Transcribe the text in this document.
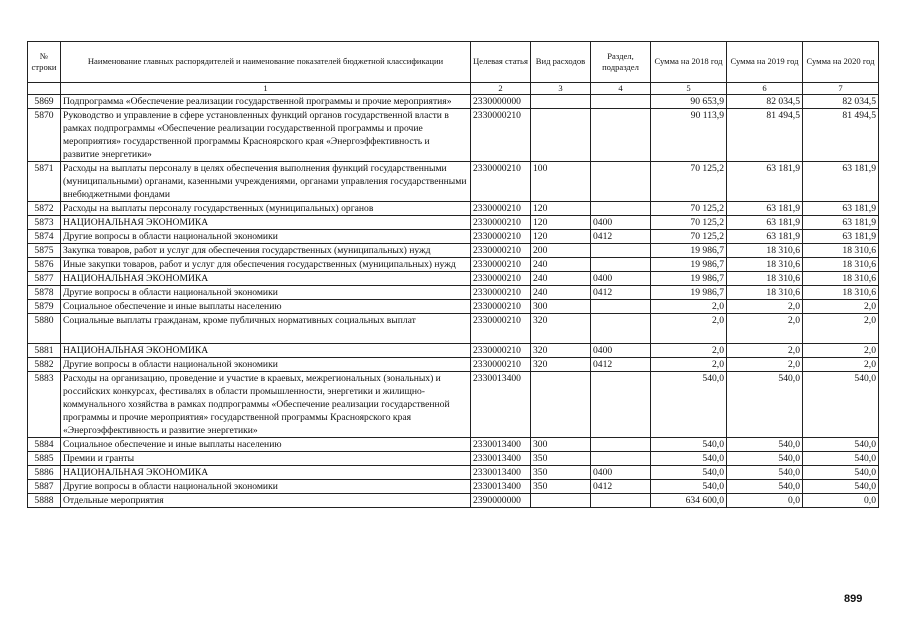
№ строки	Наименование главных распорядителей и наименование показателей бюджетной классификации	Целевая статья	Вид расходов	Раздел, подраздел	Сумма на 2018 год	Сумма на 2019 год	Сумма на 2020 год
	1	2	3	4	5	6	7
5869	Подпрограмма «Обеспечение реализации государственной программы и прочие мероприятия»	2330000000			90 653,9	82 034,5	82 034,5
5870	Руководство и управление в сфере установленных функций органов государственной власти в рамках подпрограммы «Обеспечение реализации государственной программы и прочие мероприятия» государственной программы Красноярского края «Энергоэффективность и развитие энергетики»	2330000210			90 113,9	81 494,5	81 494,5
5871	Расходы на выплаты персоналу в целях обеспечения выполнения функций государственными (муниципальными) органами, казенными учреждениями, органами управления государственными внебюджетными фондами	2330000210	100		70 125,2	63 181,9	63 181,9
5872	Расходы на выплаты персоналу государственных (муниципальных) органов	2330000210	120		70 125,2	63 181,9	63 181,9
5873	НАЦИОНАЛЬНАЯ ЭКОНОМИКА	2330000210	120	0400	70 125,2	63 181,9	63 181,9
5874	Другие вопросы в области национальной экономики	2330000210	120	0412	70 125,2	63 181,9	63 181,9
5875	Закупка товаров, работ и услуг для обеспечения государственных (муниципальных) нужд	2330000210	200		19 986,7	18 310,6	18 310,6
5876	Иные закупки товаров, работ и услуг для обеспечения государственных (муниципальных) нужд	2330000210	240		19 986,7	18 310,6	18 310,6
5877	НАЦИОНАЛЬНАЯ ЭКОНОМИКА	2330000210	240	0400	19 986,7	18 310,6	18 310,6
5878	Другие вопросы в области национальной экономики	2330000210	240	0412	19 986,7	18 310,6	18 310,6
5879	Социальное обеспечение и иные выплаты населению	2330000210	300		2,0	2,0	2,0
5880	Социальные выплаты гражданам, кроме публичных нормативных социальных выплат	2330000210	320		2,0	2,0	2,0
5881	НАЦИОНАЛЬНАЯ ЭКОНОМИКА	2330000210	320	0400	2,0	2,0	2,0
5882	Другие вопросы в области национальной экономики	2330000210	320	0412	2,0	2,0	2,0
5883	Расходы на организацию, проведение и участие в краевых, межрегиональных (зональных) и российских конкурсах, фестивалях в области промышленности, энергетики и жилищно-коммунального хозяйства в рамках подпрограммы «Обеспечение реализации государственной программы и прочие мероприятия» государственной программы Красноярского края «Энергоэффективность и развитие энергетики»	2330013400			540,0	540,0	540,0
5884	Социальное обеспечение и иные выплаты населению	2330013400	300		540,0	540,0	540,0
5885	Премии и гранты	2330013400	350		540,0	540,0	540,0
5886	НАЦИОНАЛЬНАЯ ЭКОНОМИКА	2330013400	350	0400	540,0	540,0	540,0
5887	Другие вопросы в области национальной экономики	2330013400	350	0412	540,0	540,0	540,0
5888	Отдельные мероприятия	2390000000			634 600,0	0,0	0,0
899
